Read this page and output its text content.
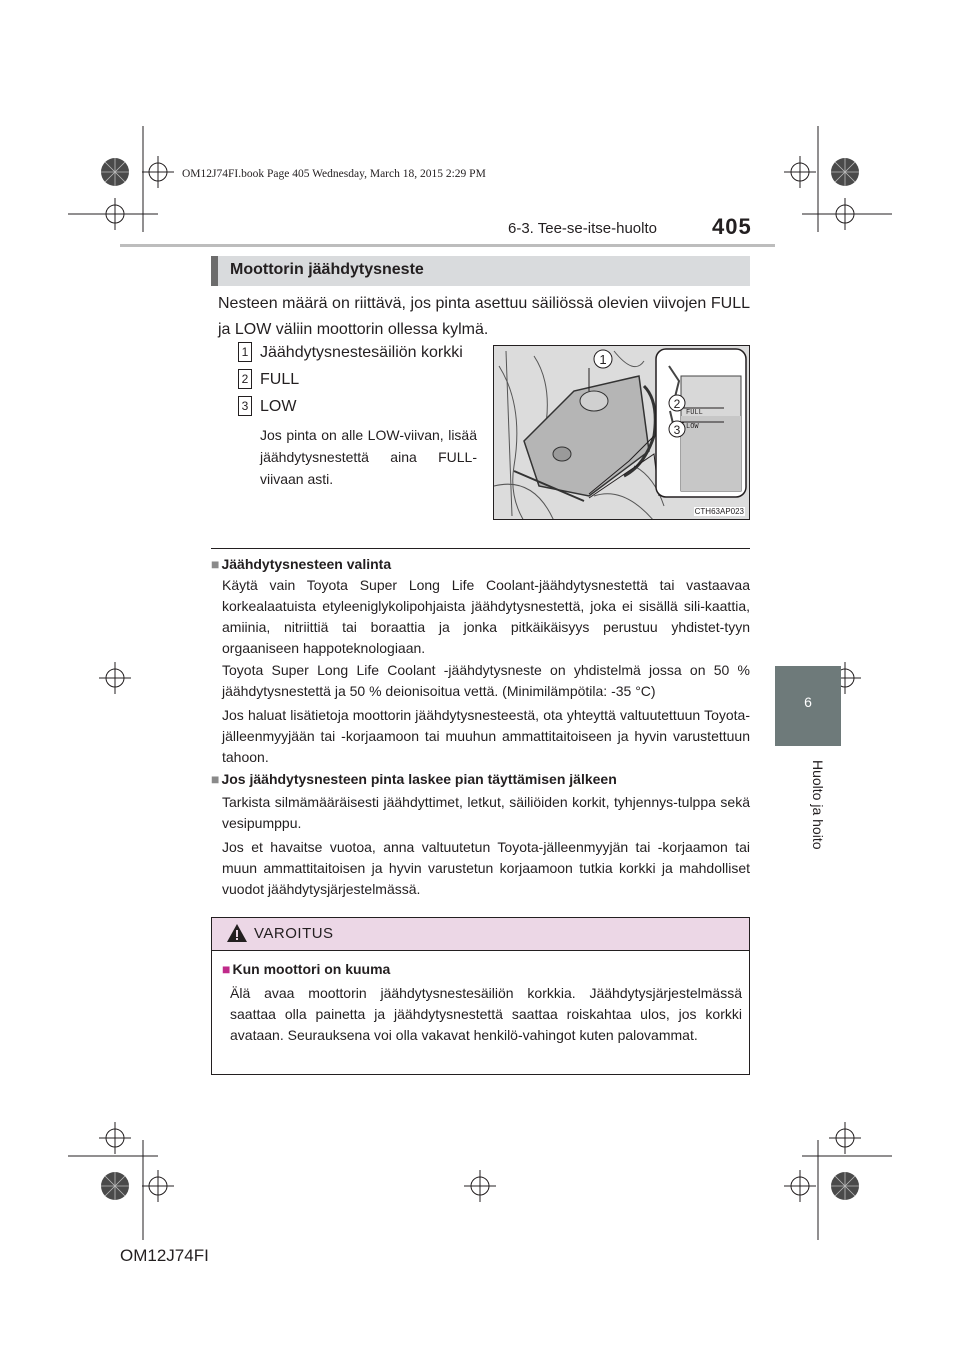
OM12J74FI.book Page 405 Wednesday, March 18, 2015 2:29 PM
6-3. Tee-se-itse-huolto	405
Moottorin jäähdytysneste
Nesteen määrä on riittävä, jos pinta asettuu säiliössä olevien viivojen FULL ja LOW väliin moottorin ollessa kylmä.
1 Jäähdytysnestesäiliön korkki
2 FULL
3 LOW
Jos pinta on alle LOW-viivan, lisää jäähdytysnestettä aina FULL-viivaan asti.
FULL
LOW
1
2
3
CTH63AP023
■ Jäähdytysnesteen valinta
Käytä vain Toyota Super Long Life Coolant-jäähdytysnestettä tai vastaavaa korkealaatuista etyleeniglykolipohjaista jäähdytysnestettä, joka ei sisällä sili-kaattia, amiinia, nitriittiä tai boraattia ja jonka pitkäikäisyys perustuu yhdistet-tyyn orgaaniseen happoteknologiaan.
Toyota Super Long Life Coolant -jäähdytysneste on yhdistelmä jossa on 50 % jäähdytysnestettä ja 50 % deionisoitua vettä. (Minimilämpötila: -35 °C)
Jos haluat lisätietoja moottorin jäähdytysnesteestä, ota yhteyttä valtuutettuun Toyota-jälleenmyyjään tai -korjaamoon tai muuhun ammattitaitoiseen ja hyvin varustettuun tahoon.
■ Jos jäähdytysnesteen pinta laskee pian täyttämisen jälkeen
Tarkista silmämääräisesti jäähdyttimet, letkut, säiliöiden korkit, tyhjennys-tulppa sekä vesipumppu.
Jos et havaitse vuotoa, anna valtuutetun Toyota-jälleenmyyjän tai -korjaamon tai muun ammattitaitoisen ja hyvin varustetun korjaamoon tutkia korkki ja mahdolliset vuodot jäähdytysjärjestelmässä.
6
Huolto ja hoito
VAROITUS
■ Kun moottori on kuuma
Älä avaa moottorin jäähdytysnestesäiliön korkkia. Jäähdytysjärjestelmässä saattaa olla painetta ja jäähdytysnestettä saattaa roiskahtaa ulos, jos korkki avataan. Seurauksena voi olla vakavat henkilö-vahingot kuten palovammat.
OM12J74FI
